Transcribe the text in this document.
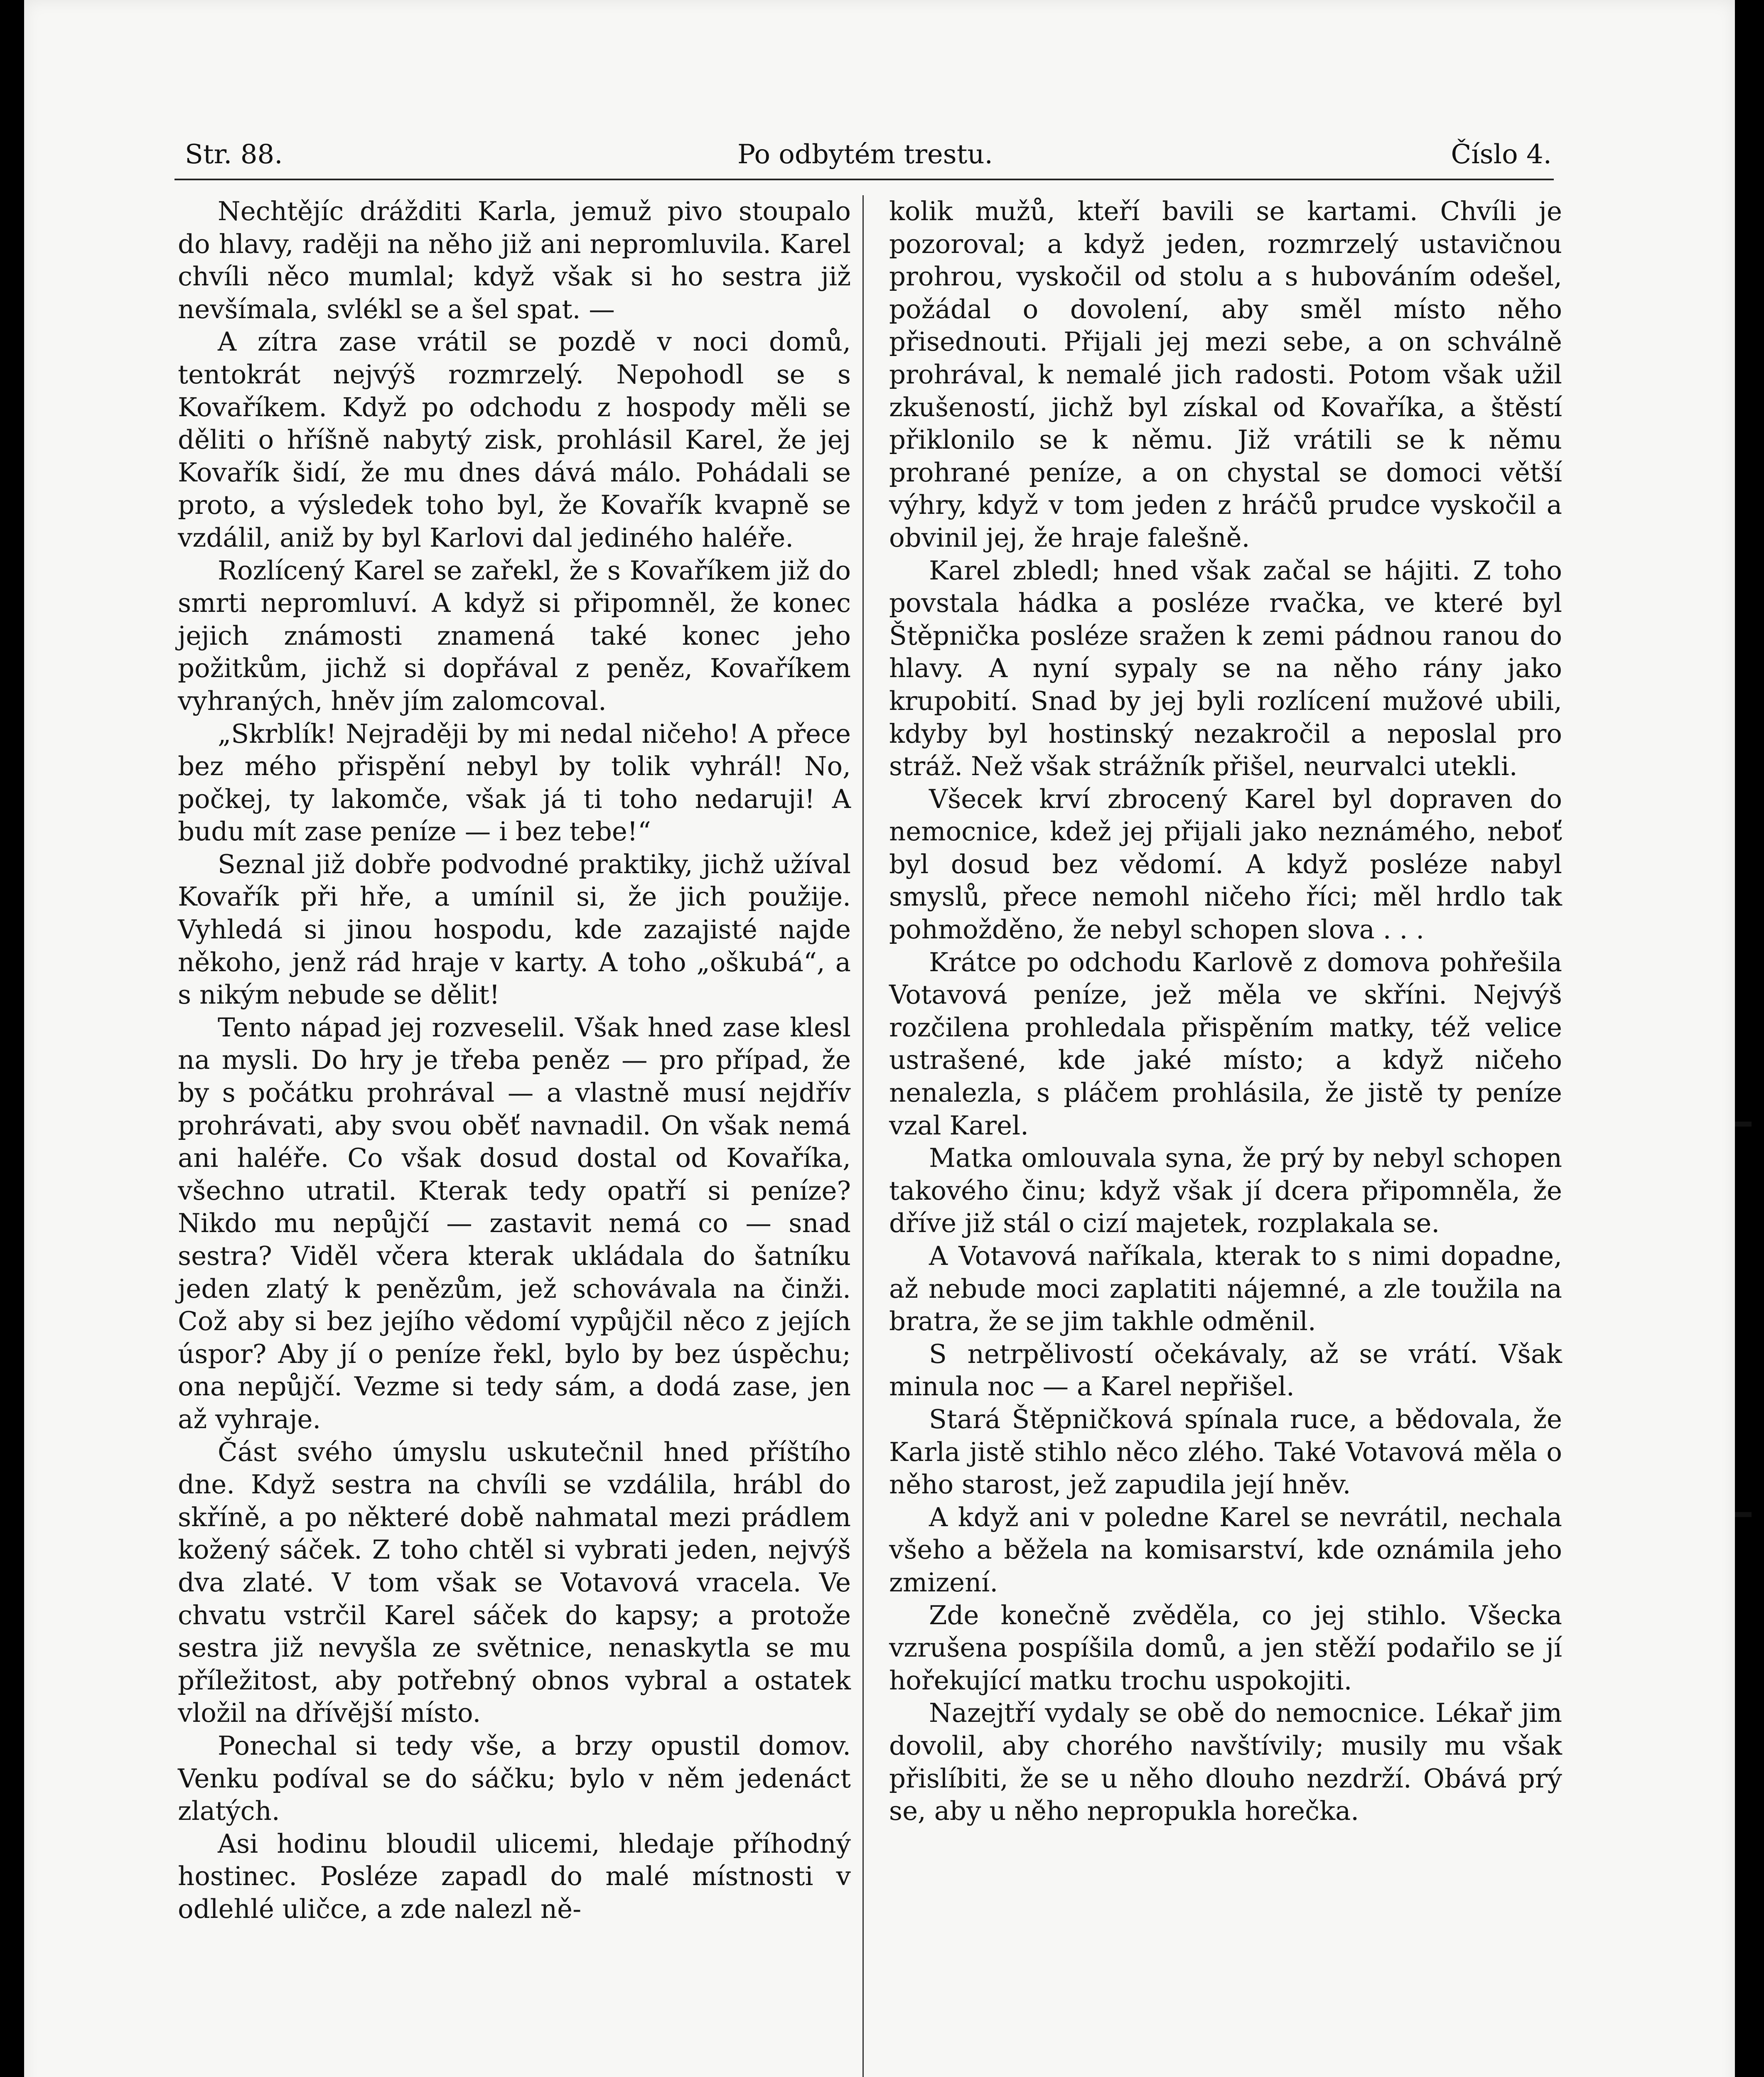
Str. 88.	Po odbytém trestu.	Číslo 4.

Nechtějíc drážditi Karla, jemuž pivo stoupalo do hlavy, raději na něho již ani nepromluvila. Karel chvíli něco mumlal; když však si ho sestra již nevšímala, svlékl se a šel spat. —

A zítra zase vrátil se pozdě v noci domů, tentokrát nejvýš rozmrzelý. Nepohodl se s Kovaříkem. Když po odchodu z hospody měli se děliti o hříšně nabytý zisk, prohlásil Karel, že jej Kovařík šidí, že mu dnes dává málo. Pohádali se proto, a výsledek toho byl, že Kovařík kvapně se vzdálil, aniž by byl Karlovi dal jediného haléře.

Rozlícený Karel se zařekl, že s Kovaříkem již do smrti nepromluví. A když si připomněl, že konec jejich známosti znamená také konec jeho požitkům, jichž si dopřával z peněz, Kovaříkem vyhraných, hněv jím zalomcoval.

„Skrblík! Nejraději by mi nedal ničeho! A přece bez mého přispění nebyl by tolik vyhrál! No, počkej, ty lakomče, však já ti toho nedaruji! A budu mít zase peníze — i bez tebe!“

Seznal již dobře podvodné praktiky, jichž užíval Kovařík při hře, a umínil si, že jich použije. Vyhledá si jinou hospodu, kde zazajisté najde někoho, jenž rád hraje v karty. A toho „oškubá“, a s nikým nebude se dělit!

Tento nápad jej rozveselil. Však hned zase klesl na mysli. Do hry je třeba peněz — pro případ, že by s počátku prohrával — a vlastně musí nejdřív prohrávati, aby svou oběť navnadil. On však nemá ani haléře. Co však dosud dostal od Kovaříka, všechno utratil. Kterak tedy opatří si peníze? Nikdo mu nepůjčí — zastavit nemá co — snad sestra? Viděl včera kterak ukládala do šatníku jeden zlatý k penězům, jež schovávala na činži. Což aby si bez jejího vědomí vypůjčil něco z jejích úspor? Aby jí o peníze řekl, bylo by bez úspěchu; ona nepůjčí. Vezme si tedy sám, a dodá zase, jen až vyhraje.

Část svého úmyslu uskutečnil hned příštího dne. Když sestra na chvíli se vzdálila, hrábl do skříně, a po některé době nahmatal mezi prádlem kožený sáček. Z toho chtěl si vybrati jeden, nejvýš dva zlaté. V tom však se Votavová vracela. Ve chvatu vstrčil Karel sáček do kapsy; a protože sestra již nevyšla ze světnice, nenaskytla se mu příležitost, aby potřebný obnos vybral a ostatek vložil na dřívější místo.

Ponechal si tedy vše, a brzy opustil domov. Venku podíval se do sáčku; bylo v něm jedenáct zlatých.

Asi hodinu bloudil ulicemi, hledaje příhodný hostinec. Posléze zapadl do malé místnosti v odlehlé uličce, a zde nalezl ně-

kolik mužů, kteří bavili se kartami. Chvíli je pozoroval; a když jeden, rozmrzelý ustavičnou prohrou, vyskočil od stolu a s hubováním odešel, požádal o dovolení, aby směl místo něho přisednouti. Přijali jej mezi sebe, a on schválně prohrával, k nemalé jich radosti. Potom však užil zkušeností, jichž byl získal od Kovaříka, a štěstí přiklonilo se k němu. Již vrátili se k němu prohrané peníze, a on chystal se domoci větší výhry, když v tom jeden z hráčů prudce vyskočil a obvinil jej, že hraje falešně.

Karel zbledl; hned však začal se hájiti. Z toho povstala hádka a posléze rvačka, ve které byl Štěpnička posléze sražen k zemi pádnou ranou do hlavy. A nyní sypaly se na něho rány jako krupobití. Snad by jej byli rozlícení mužové ubili, kdyby byl hostinský nezakročil a neposlal pro stráž. Než však strážník přišel, neurvalci utekli.

Všecek krví zbrocený Karel byl dopraven do nemocnice, kdež jej přijali jako neznámého, neboť byl dosud bez vědomí. A když posléze nabyl smyslů, přece nemohl ničeho říci; měl hrdlo tak pohmožděno, že nebyl schopen slova . . .

Krátce po odchodu Karlově z domova pohřešila Votavová peníze, jež měla ve skříni. Nejvýš rozčilena prohledala přispěním matky, též velice ustrašené, kde jaké místo; a když ničeho nenalezla, s pláčem prohlásila, že jistě ty peníze vzal Karel.

Matka omlouvala syna, že prý by nebyl schopen takového činu; když však jí dcera připomněla, že dříve již stál o cizí majetek, rozplakala se.

A Votavová naříkala, kterak to s nimi dopadne, až nebude moci zaplatiti nájemné, a zle toužila na bratra, že se jim takhle odměnil.

S netrpělivostí očekávaly, až se vrátí. Však minula noc — a Karel nepřišel.

Stará Štěpničková spínala ruce, a bědovala, že Karla jistě stihlo něco zlého. Také Votavová měla o něho starost, jež zapudila její hněv.

A když ani v poledne Karel se nevrátil, nechala všeho a běžela na komisarství, kde oznámila jeho zmizení.

Zde konečně zvěděla, co jej stihlo. Všecka vzrušena pospíšila domů, a jen stěží podařilo se jí hořekující matku trochu uspokojiti.

Nazejtří vydaly se obě do nemocnice. Lékař jim dovolil, aby chorého navštívily; musily mu však přislíbiti, že se u něho dlouho nezdrží. Obává prý se, aby u něho nepropukla horečka.
